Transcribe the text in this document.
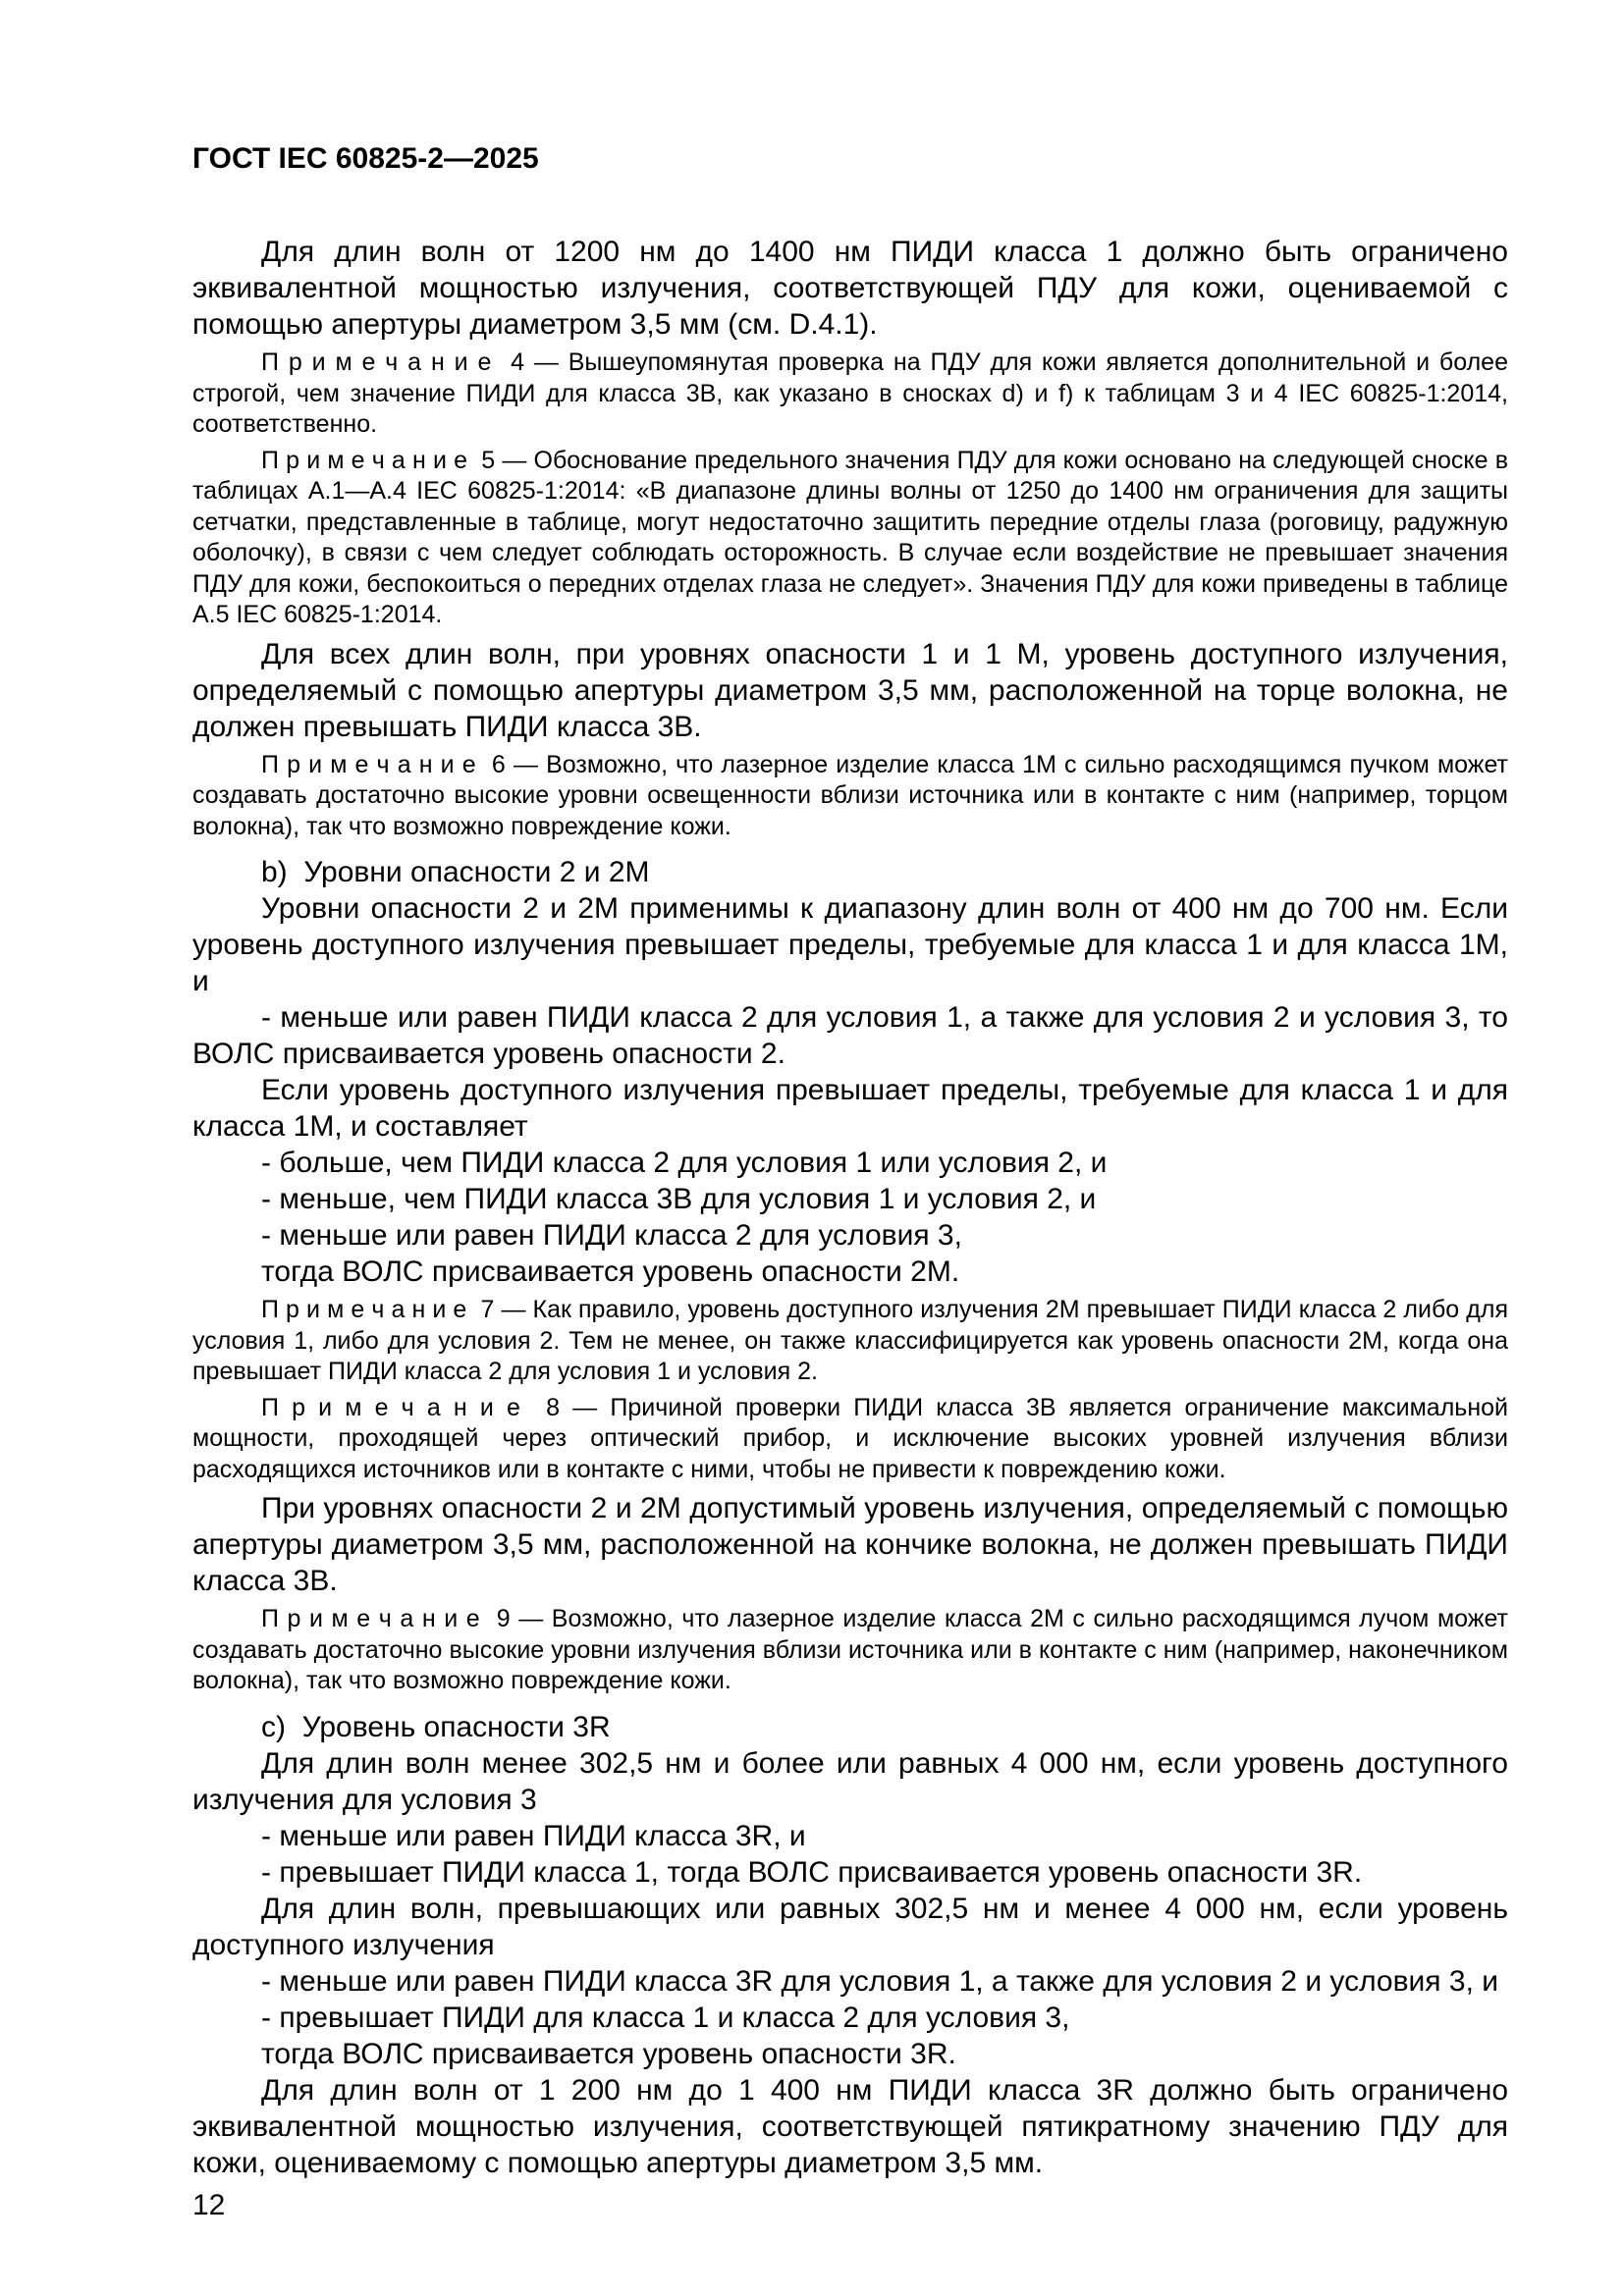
ГОСТ IEC 60825-2—2025

Для длин волн от 1200 нм до 1400 нм ПИДИ класса 1 должно быть ограничено эквивалентной мощностью излучения, соответствующей ПДУ для кожи, оцениваемой с помощью апертуры диаметром 3,5 мм (см. D.4.1).

П р и м е ч а н и е  4 — Вышеупомянутая проверка на ПДУ для кожи является дополнительной и более строгой, чем значение ПИДИ для класса 3В, как указано в сносках d) и f) к таблицам 3 и 4 IEC 60825-1:2014, соответственно.

П р и м е ч а н и е  5 — Обоснование предельного значения ПДУ для кожи основано на следующей сноске в таблицах А.1—А.4 IEC 60825-1:2014: «В диапазоне длины волны от 1250 до 1400 нм ограничения для защиты сетчатки, представленные в таблице, могут недостаточно защитить передние отделы глаза (роговицу, радужную оболочку), в связи с чем следует соблюдать осторожность. В случае если воздействие не превышает значения ПДУ для кожи, беспокоиться о передних отделах глаза не следует». Значения ПДУ для кожи приведены в таблице А.5 IEC 60825-1:2014.

Для всех длин волн, при уровнях опасности 1 и 1 М, уровень доступного излучения, определяемый с помощью апертуры диаметром 3,5 мм, расположенной на торце волокна, не должен превышать ПИДИ класса 3В.

П р и м е ч а н и е  6 — Возможно, что лазерное изделие класса 1М с сильно расходящимся пучком может создавать достаточно высокие уровни освещенности вблизи источника или в контакте с ним (например, торцом волокна), так что возможно повреждение кожи.

b)  Уровни опасности 2 и 2М

Уровни опасности 2 и 2М применимы к диапазону длин волн от 400 нм до 700 нм. Если уровень доступного излучения превышает пределы, требуемые для класса 1 и для класса 1М, и

- меньше или равен ПИДИ класса 2 для условия 1, а также для условия 2 и условия 3, то ВОЛС присваивается уровень опасности 2.

Если уровень доступного излучения превышает пределы, требуемые для класса 1 и для класса 1М, и составляет

- больше, чем ПИДИ класса 2 для условия 1 или условия 2, и

- меньше, чем ПИДИ класса 3В для условия 1 и условия 2, и

- меньше или равен ПИДИ класса 2 для условия 3,

тогда ВОЛС присваивается уровень опасности 2М.

П р и м е ч а н и е  7 — Как правило, уровень доступного излучения 2М превышает ПИДИ класса 2 либо для условия 1, либо для условия 2. Тем не менее, он также классифицируется как уровень опасности 2М, когда она превышает ПИДИ класса 2 для условия 1 и условия 2.

П р и м е ч а н и е  8 — Причиной проверки ПИДИ класса 3В является ограничение максимальной мощности, проходящей через оптический прибор, и исключение высоких уровней излучения вблизи расходящихся источников или в контакте с ними, чтобы не привести к повреждению кожи.

При уровнях опасности 2 и 2М допустимый уровень излучения, определяемый с помощью апертуры диаметром 3,5 мм, расположенной на кончике волокна, не должен превышать ПИДИ класса 3В.

П р и м е ч а н и е  9 — Возможно, что лазерное изделие класса 2М с сильно расходящимся лучом может создавать достаточно высокие уровни излучения вблизи источника или в контакте с ним (например, наконечником волокна), так что возможно повреждение кожи.

c)  Уровень опасности 3R

Для длин волн менее 302,5 нм и более или равных 4 000 нм, если уровень доступного излучения для условия 3

- меньше или равен ПИДИ класса 3R, и

- превышает ПИДИ класса 1, тогда ВОЛС присваивается уровень опасности 3R.

Для длин волн, превышающих или равных 302,5 нм и менее 4 000 нм, если уровень доступного излучения

- меньше или равен ПИДИ класса 3R для условия 1, а также для условия 2 и условия 3, и

- превышает ПИДИ для класса 1 и класса 2 для условия 3,

тогда ВОЛС присваивается уровень опасности 3R.

Для длин волн от 1 200 нм до 1 400 нм ПИДИ класса 3R должно быть ограничено эквивалентной мощностью излучения, соответствующей пятикратному значению ПДУ для кожи, оцениваемому с помощью апертуры диаметром 3,5 мм.

12
